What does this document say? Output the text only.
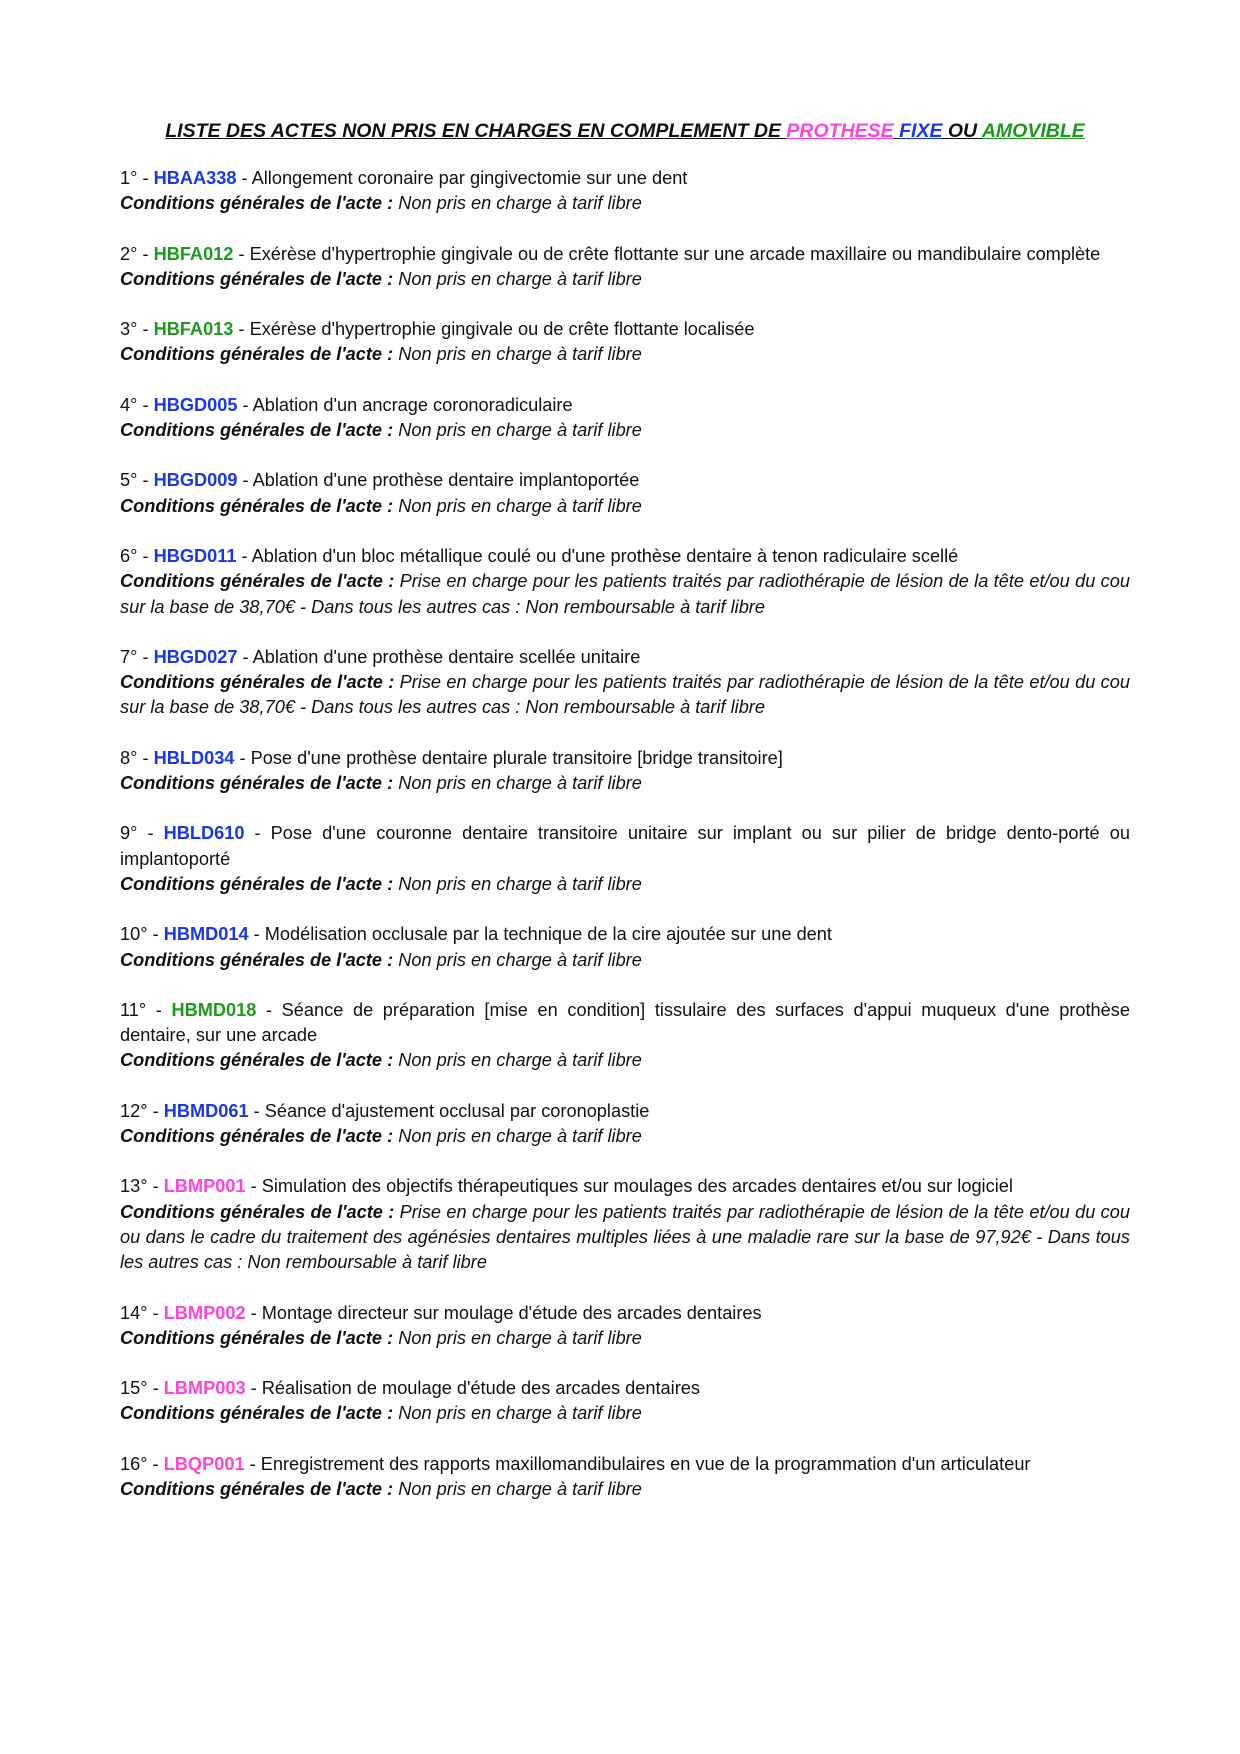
LISTE DES ACTES NON PRIS EN CHARGES EN COMPLEMENT DE PROTHESE FIXE OU AMOVIBLE
1° - HBAA338 - Allongement coronaire par gingivectomie sur une dent
Conditions générales de l'acte : Non pris en charge à tarif libre
2° - HBFA012 - Exérèse d'hypertrophie gingivale ou de crête flottante sur une arcade maxillaire ou mandibulaire complète
Conditions générales de l'acte : Non pris en charge à tarif libre
3° - HBFA013 - Exérèse d'hypertrophie gingivale ou de crête flottante localisée
Conditions générales de l'acte : Non pris en charge à tarif libre
4° - HBGD005 - Ablation d'un ancrage coronoradiculaire
Conditions générales de l'acte : Non pris en charge à tarif libre
5° - HBGD009 - Ablation d'une prothèse dentaire implantoportée
Conditions générales de l'acte : Non pris en charge à tarif libre
6° - HBGD011 - Ablation d'un bloc métallique coulé ou d'une prothèse dentaire à tenon radiculaire scellé
Conditions générales de l'acte : Prise en charge pour les patients traités par radiothérapie de lésion de la tête et/ou du cou sur la base de 38,70€ - Dans tous les autres cas : Non remboursable à tarif libre
7° - HBGD027 - Ablation d'une prothèse dentaire scellée unitaire
Conditions générales de l'acte : Prise en charge pour les patients traités par radiothérapie de lésion de la tête et/ou du cou sur la base de 38,70€ - Dans tous les autres cas : Non remboursable à tarif libre
8° - HBLD034 - Pose d'une prothèse dentaire plurale transitoire [bridge transitoire]
Conditions générales de l'acte : Non pris en charge à tarif libre
9° - HBLD610 - Pose d'une couronne dentaire transitoire unitaire sur implant ou sur pilier de bridge dento-porté ou implantoporté
Conditions générales de l'acte : Non pris en charge à tarif libre
10° - HBMD014 - Modélisation occlusale par la technique de la cire ajoutée sur une dent
Conditions générales de l'acte : Non pris en charge à tarif libre
11° - HBMD018 - Séance de préparation [mise en condition] tissulaire des surfaces d'appui muqueux d'une prothèse dentaire, sur une arcade
Conditions générales de l'acte : Non pris en charge à tarif libre
12° - HBMD061 - Séance d'ajustement occlusal par coronoplastie
Conditions générales de l'acte : Non pris en charge à tarif libre
13° - LBMP001 - Simulation des objectifs thérapeutiques sur moulages des arcades dentaires et/ou sur logiciel
Conditions générales de l'acte : Prise en charge pour les patients traités par radiothérapie de lésion de la tête et/ou du cou ou dans le cadre du traitement des agénésies dentaires multiples liées à une maladie rare sur la base de 97,92€ - Dans tous les autres cas : Non remboursable à tarif libre
14° - LBMP002 - Montage directeur sur moulage d'étude des arcades dentaires
Conditions générales de l'acte : Non pris en charge à tarif libre
15° - LBMP003 - Réalisation de moulage d'étude des arcades dentaires
Conditions générales de l'acte : Non pris en charge à tarif libre
16° - LBQP001 - Enregistrement des rapports maxillomandibulaires en vue de la programmation d'un articulateur
Conditions générales de l'acte : Non pris en charge à tarif libre
